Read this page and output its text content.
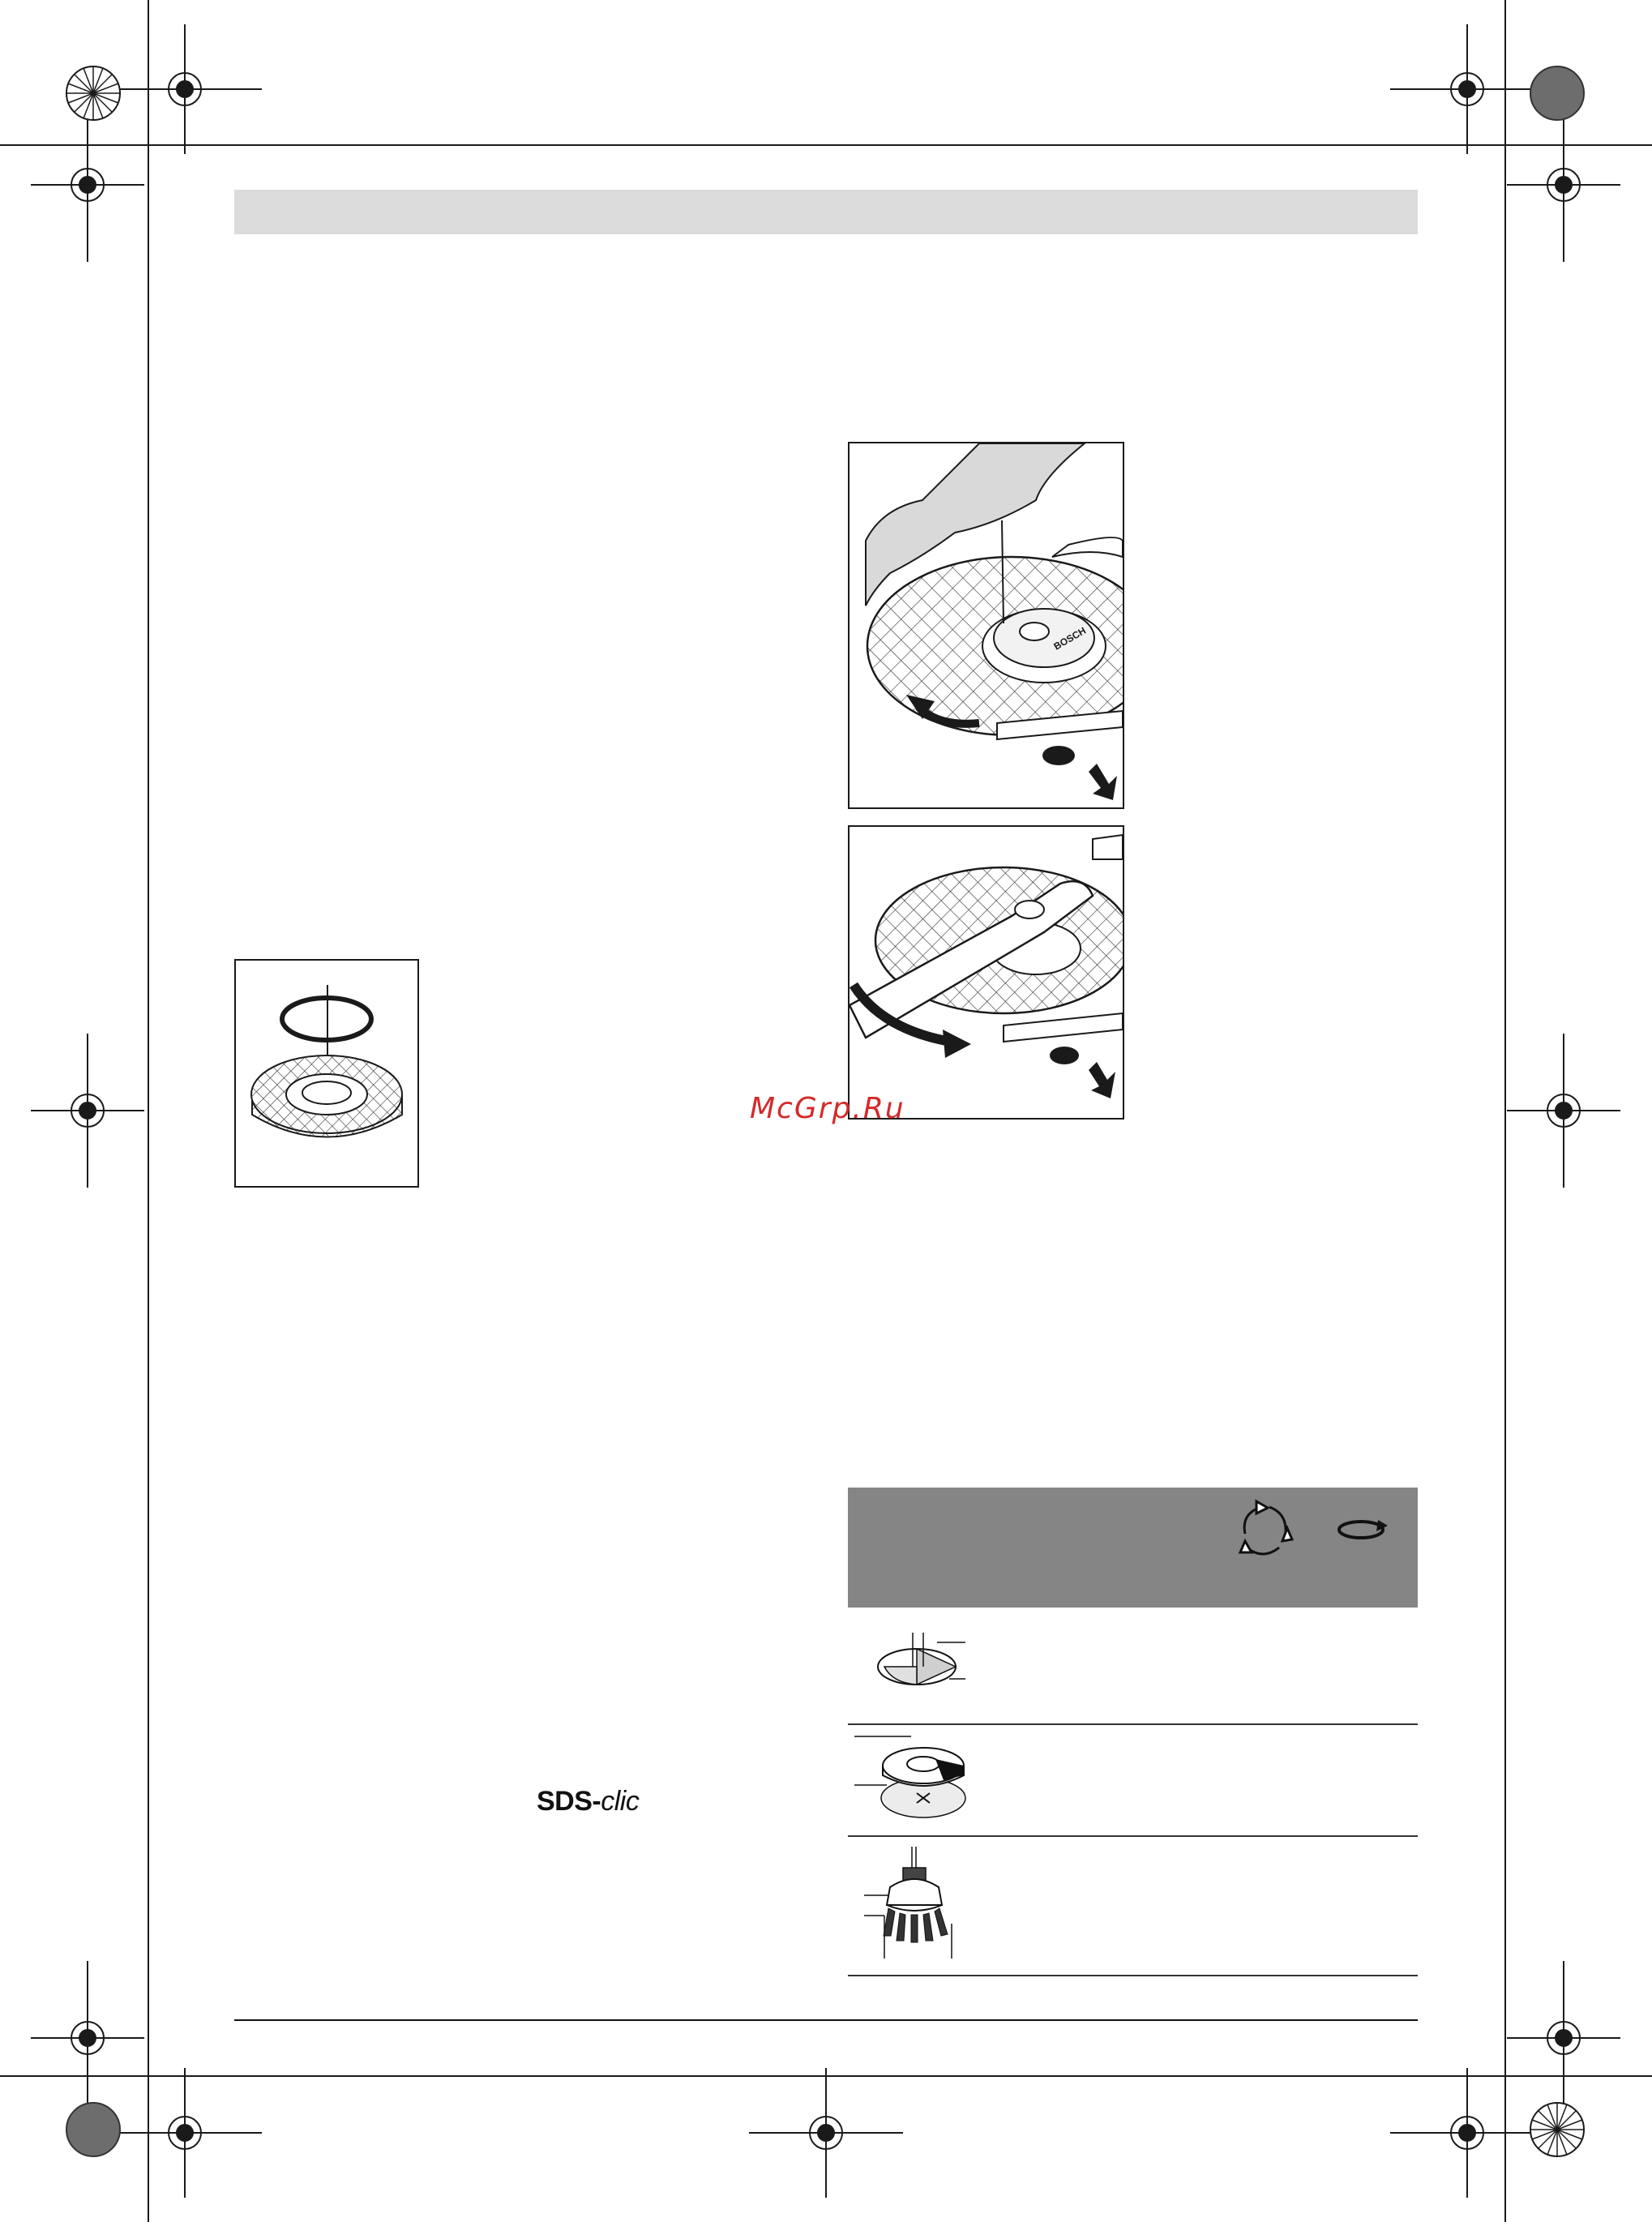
BOSCH
McGrp.Ru
SDS-clic
